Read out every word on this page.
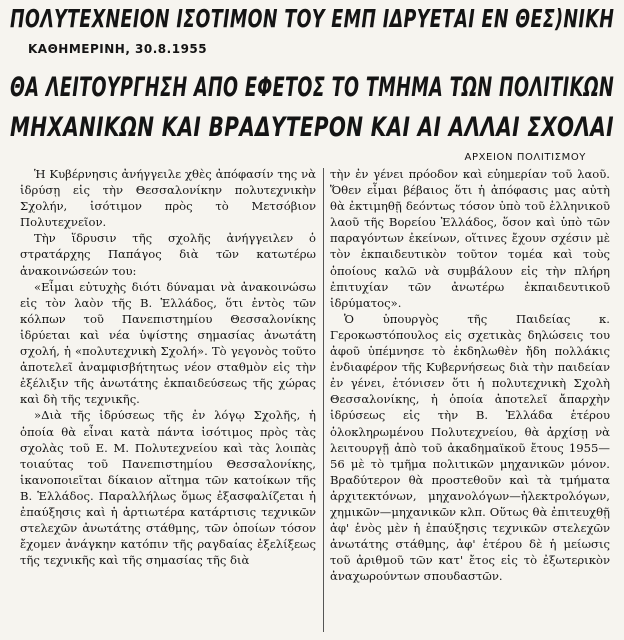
ΠΟΛΥΤΕΧΝΕΙΟΝ ΙΣΟΤΙΜΟΝ ΤΟΥ ΕΜΠ ΙΔΡΥΕΤΑΙ ΕΝ ΘΕΣ)ΝΙΚΗ
ΚΑΘΗΜΕΡΙΝΗ, 30.8.1955
ΘΑ ΛΕΙΤΟΥΡΓΗΣΗ ΑΠΟ ΕΦΕΤΟΣ ΤΟ ΤΜΗΜΑ ΤΩΝ ΠΟΛΙΤΙΚΩΝ
ΜΗΧΑΝΙΚΩΝ ΚΑΙ ΒΡΑΔΥΤΕΡΟΝ ΚΑΙ ΑΙ ΑΛΛΑΙ ΣΧΟΛΑΙ
ΑΡΧΕΙΟΝ ΠΟΛΙΤΙΣΜΟΥ

Ἡ Κυβέρνησις ἀνήγγειλε χθὲς ἀπόφασίν της νὰ ἱδρύσῃ εἰς τὴν Θεσσαλονίκην πολυτεχνικὴν Σχολήν, ἰσότιμον πρὸς τὸ Μετσόβιον Πολυτεχνεῖον.

Τὴν ἵδρυσιν τῆς σχολῆς ἀνήγγειλεν ὁ στρατάρχης Παπάγος διὰ τῶν κατωτέρω ἀνακοινώσεών του:

«Εἶμαι εὐτυχὴς διότι δύναμαι νὰ ἀνακοινώσω εἰς τὸν λαὸν τῆς Β. Ἑλλάδος, ὅτι ἐντὸς τῶν κόλπων τοῦ Πανεπιστημίου Θεσσαλονίκης ἱδρύεται καὶ νέα ὑψίστης σημασίας ἀνωτάτη σχολή, ἡ «πολυτεχνικὴ Σχολή». Τὸ γεγονὸς τοῦτο ἀποτελεῖ ἀναμφισβήτητως νέον σταθμὸν εἰς τὴν ἐξέλιξιν τῆς ἀνωτάτης ἐκπαιδεύσεως τῆς χώρας καὶ δὴ τῆς τεχνικῆς.

»Διὰ τῆς ἱδρύσεως τῆς ἐν λόγῳ Σχολῆς, ἡ ὁποία θὰ εἶναι κατὰ πάντα ἰσότιμος πρὸς τὰς σχολὰς τοῦ Ε. Μ. Πολυτεχνείου καὶ τὰς λοιπὰς τοιαύτας τοῦ Πανεπιστημίου Θεσσαλονίκης, ἱκανοποιεῖται δίκαιον αἴτημα τῶν κατοίκων τῆς Β. Ἑλλάδος. Παραλλήλως ὅμως ἐξασφαλίζεται ἡ ἐπαύξησις καὶ ἡ ἀρτιωτέρα κατάρτισις τεχνικῶν στελεχῶν ἀνωτάτης στάθμης, τῶν ὁποίων τόσον ἔχομεν ἀνάγκην κατόπιν τῆς ραγδαίας ἐξελίξεως τῆς τεχνικῆς καὶ τῆς σημασίας τῆς διὰ

τὴν ἐν γένει πρόοδον καὶ εὐημερίαν τοῦ λαοῦ. Ὅθεν εἶμαι βέβαιος ὅτι ἡ ἀπόφασις μας αὐτὴ θὰ ἐκτιμηθῇ δεόντως τόσον ὑπὸ τοῦ ἑλληνικοῦ λαοῦ τῆς Βορείου Ἑλλάδος, ὅσον καὶ ὑπὸ τῶν παραγόντων ἐκείνων, οἵτινες ἔχουν σχέσιν μὲ τὸν ἐκπαιδευτικὸν τοῦτον τομέα καὶ τοὺς ὁποίους καλῶ νὰ συμβάλουν εἰς τὴν πλήρη ἐπιτυχίαν τῶν ἀνωτέρω ἐκπαιδευτικοῦ ἱδρύματος».

Ὁ ὑπουργὸς τῆς Παιδείας κ. Γεροκωστόπουλος εἰς σχετικὰς δηλώσεις του ἀφοῦ ὑπέμνησε τὸ ἐκδηλωθὲν ἤδη πολλάκις ἐνδιαφέρον τῆς Κυβερνήσεως διὰ τὴν παιδείαν ἐν γένει, ἐτόνισεν ὅτι ἡ πολυτεχνικὴ Σχολὴ Θεσσαλονίκης, ἡ ὁποία ἀποτελεῖ ἄπαρχὴν ἱδρύσεως εἰς τὴν Β. Ἑλλάδα ἑτέρου ὁλοκληρωμένου Πολυτεχνείου, θὰ ἀρχίσῃ νὰ λειτουργῇ ἀπὸ τοῦ ἀκαδημαϊκοῦ ἔτους 1955—56 μὲ τὸ τμῆμα πολιτικῶν μηχανικῶν μόνον. Βραδύτερον θὰ προστεθοῦν καὶ τὰ τμήματα ἀρχιτεκτόνων, μηχανολόγων—ἠλεκτρολόγων, χημικῶν—μηχανικῶν κλπ. Οὕτως θὰ ἐπιτευχθῇ ἀφ' ἑνὸς μὲν ἡ ἐπαύξησις τεχνικῶν στελεχῶν ἀνωτάτης στάθμης, ἀφ' ἑτέρου δὲ ἡ μείωσις τοῦ ἀριθμοῦ τῶν κατ' ἔτος εἰς τὸ ἐξωτερικὸν ἀναχωρούντων σπουδαστῶν.
